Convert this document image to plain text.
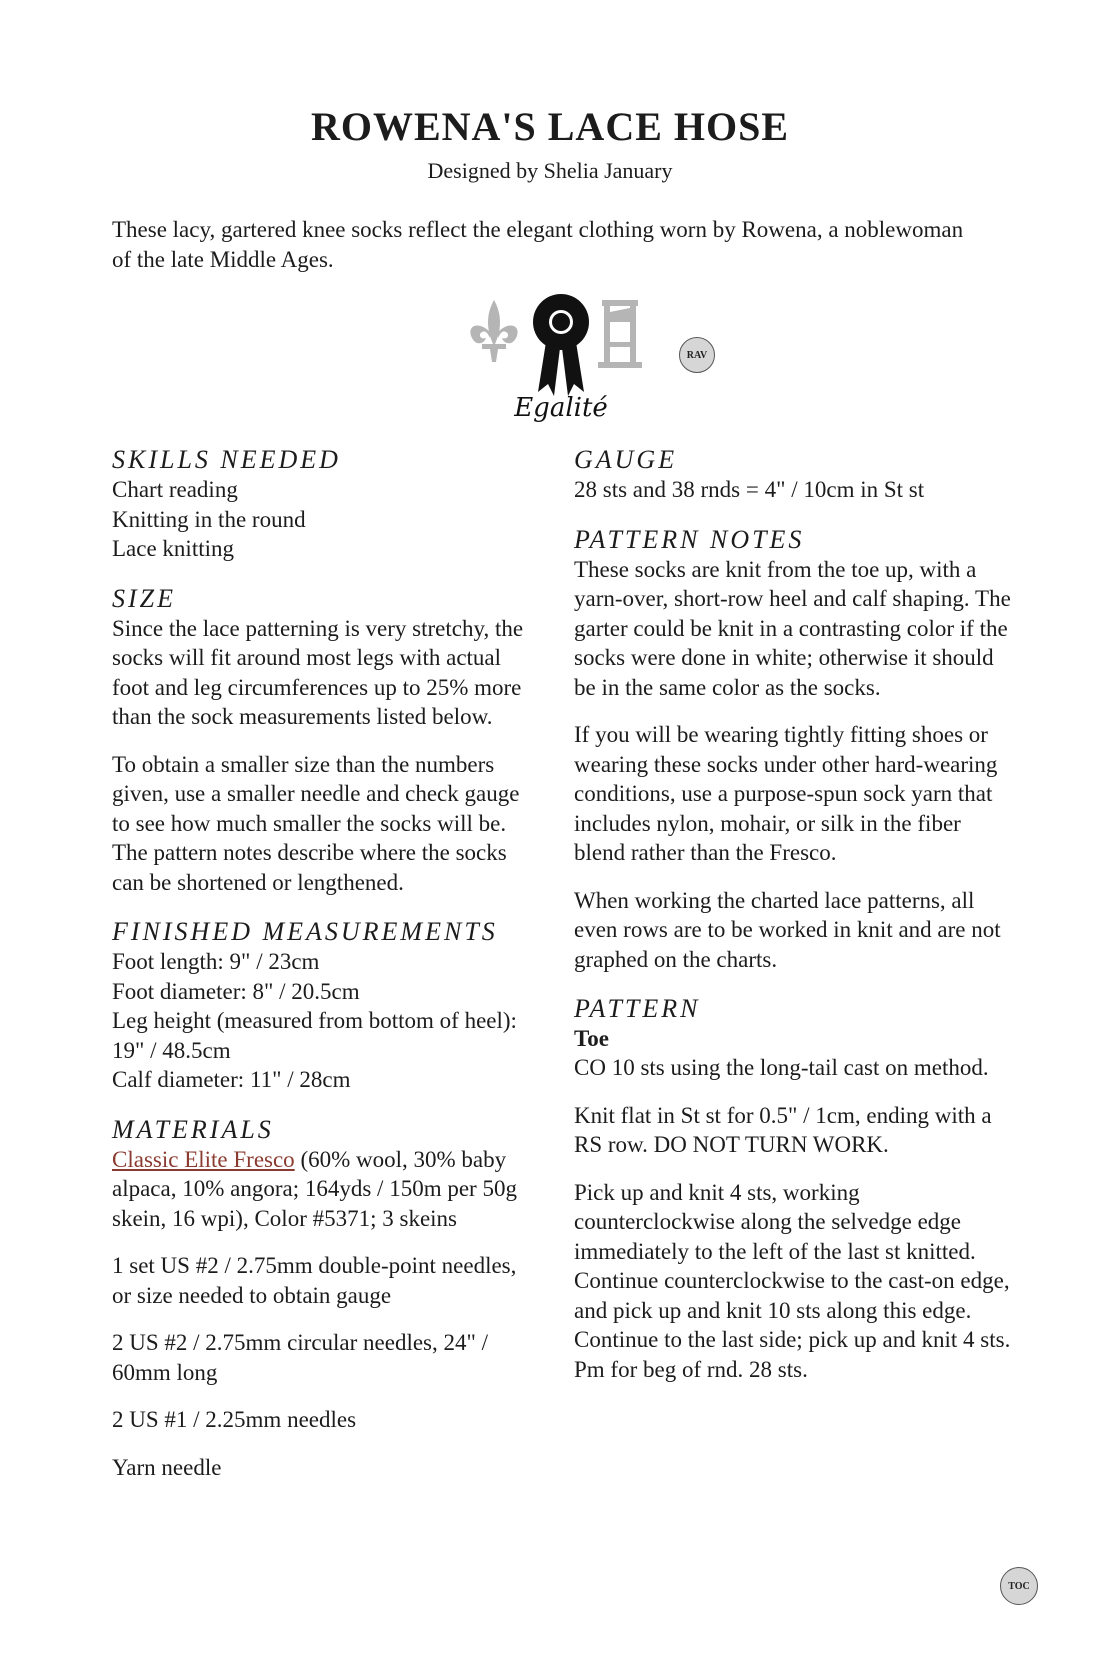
ROWENA'S LACE HOSE

Designed by Shelia January

These lacy, gartered knee socks reflect the elegant clothing worn by Rowena, a noblewoman of the late Middle Ages.

Egalité
RAV
SKILLS NEEDED

Chart reading

Knitting in the round

Lace knitting

SIZE

Since the lace patterning is very stretchy, the socks will fit around most legs with actual foot and leg circumferences up to 25% more than the sock measurements listed below.

To obtain a smaller size than the numbers given, use a smaller needle and check gauge to see how much smaller the socks will be. The pattern notes describe where the socks can be shortened or lengthened.

FINISHED MEASUREMENTS

Foot length: 9" / 23cm

Foot diameter: 8" / 20.5cm

Leg height (measured from bottom of heel): 19" / 48.5cm

Calf diameter: 11" / 28cm

MATERIALS

Classic Elite Fresco (60% wool, 30% baby alpaca, 10% angora; 164yds / 150m per 50g skein, 16 wpi), Color #5371; 3 skeins

1 set US #2 / 2.75mm double-point needles, or size needed to obtain gauge

2 US #2 / 2.75mm circular needles, 24" / 60mm long

2 US #1 / 2.25mm needles

Yarn needle

GAUGE

28 sts and 38 rnds = 4" / 10cm in St st

PATTERN NOTES

These socks are knit from the toe up, with a yarn-over, short-row heel and calf shaping. The garter could be knit in a contrasting color if the socks were done in white; otherwise it should be in the same color as the socks.

If you will be wearing tightly fitting shoes or wearing these socks under other hard-wearing conditions, use a purpose-spun sock yarn that includes nylon, mohair, or silk in the fiber blend rather than the Fresco.

When working the charted lace patterns, all even rows are to be worked in knit and are not graphed on the charts.

PATTERN
Toe

CO 10 sts using the long-tail cast on method.

Knit flat in St st for 0.5" / 1cm, ending with a RS row. DO NOT TURN WORK.

Pick up and knit 4 sts, working counterclockwise along the selvedge edge immediately to the left of the last st knitted. Continue counterclockwise to the cast-on edge, and pick up and knit 10 sts along this edge. Continue to the last side; pick up and knit 4 sts. Pm for beg of rnd. 28 sts.

TOC
